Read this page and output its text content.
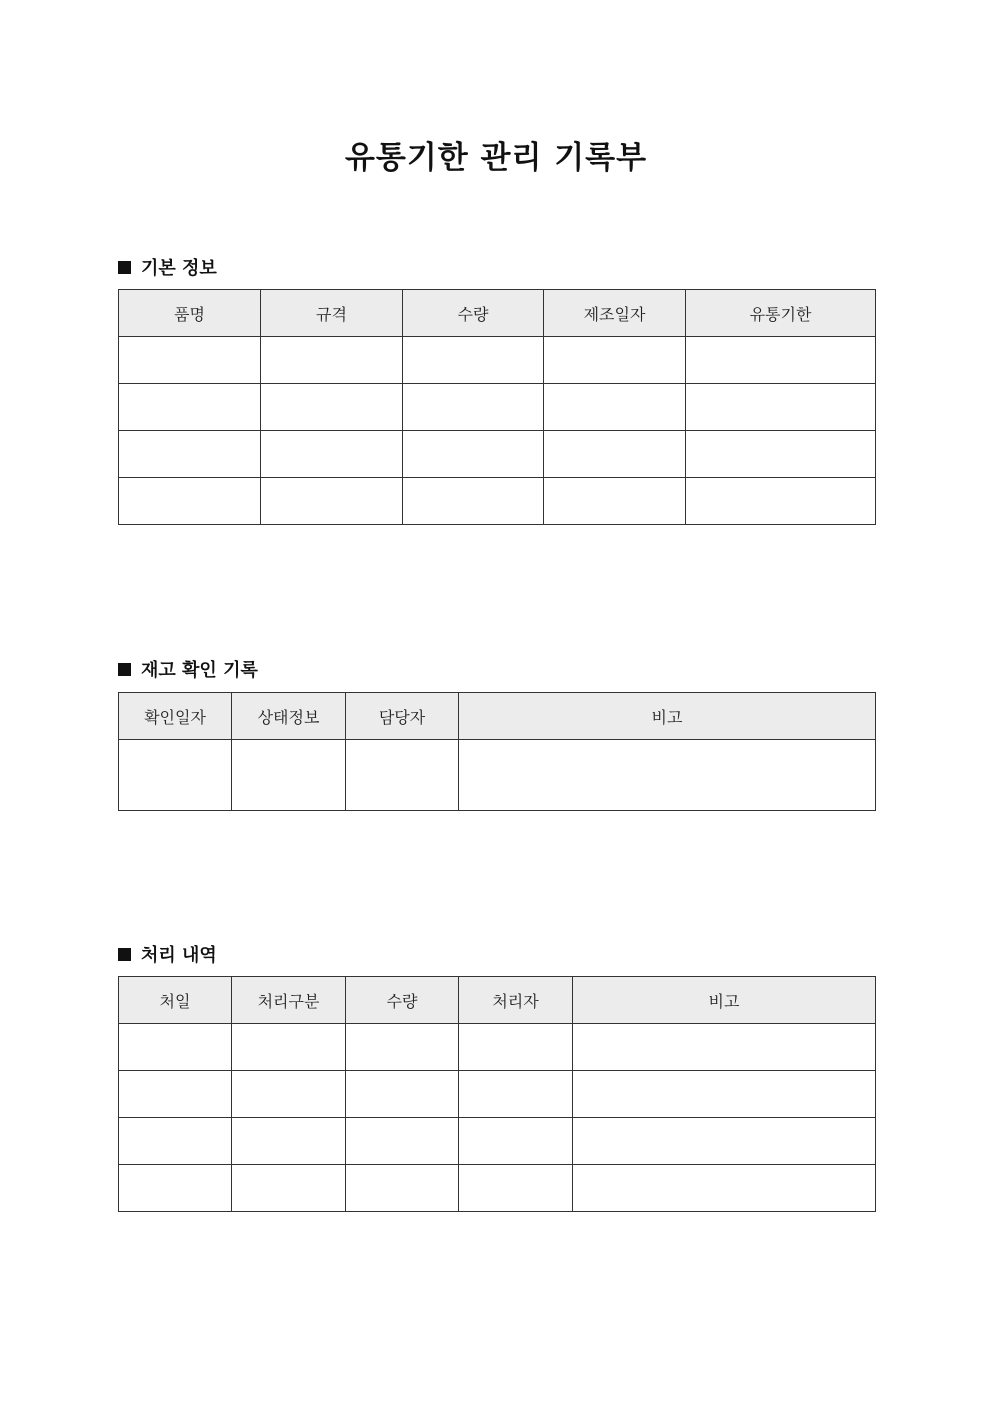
유통기한 관리 기록부
기본 정보
품명	규격	수량	제조일자	유통기한

재고 확인 기록
확인일자	상태정보	담당자	비고

처리 내역
처일	처리구분	수량	처리자	비고
